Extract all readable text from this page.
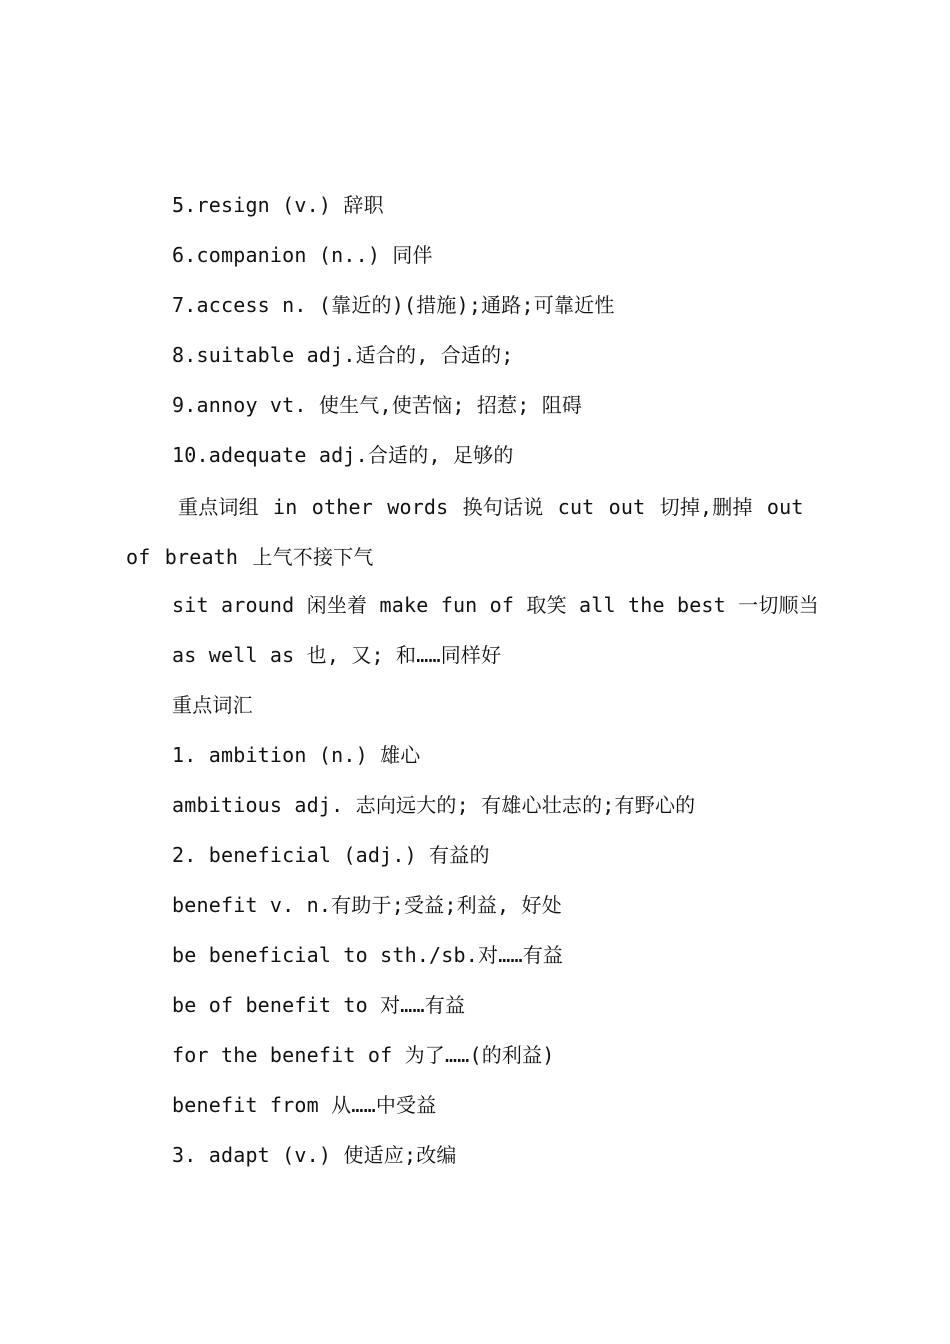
5.resign (v.) 辞职
6.companion (n..) 同伴
7.access n. (靠近的)(措施);通路;可靠近性
8.suitable adj.适合的, 合适的;
9.annoy vt. 使生气,使苦恼; 招惹; 阻碍
10.adequate adj.合适的, 足够的
重点词组 in other words 换句话说 cut out 切掉,删掉 out of breath 上气不接下气
sit around 闲坐着 make fun of 取笑 all the best 一切顺当
as well as 也, 又; 和……同样好
重点词汇
1. ambition (n.) 雄心
ambitious adj. 志向远大的; 有雄心壮志的;有野心的
2. beneficial (adj.) 有益的
benefit v. n.有助于;受益;利益, 好处
be beneficial to sth./sb.对……有益
be of benefit to 对……有益
for the benefit of 为了……(的利益)
benefit from 从……中受益
3. adapt (v.) 使适应;改编
